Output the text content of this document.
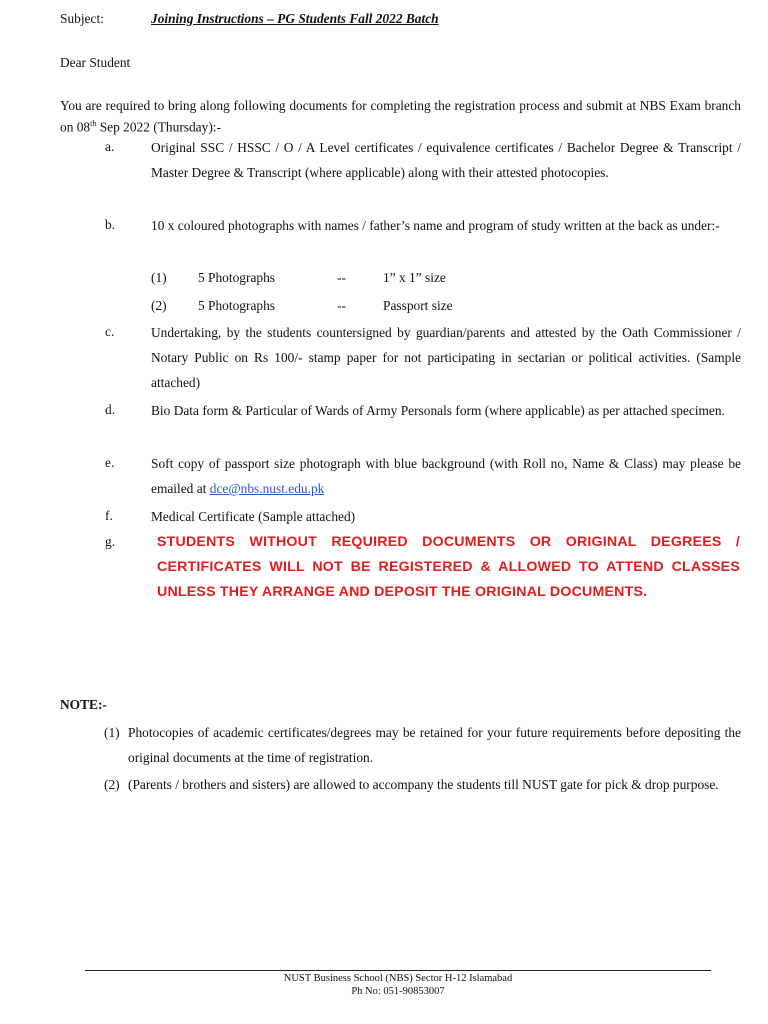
Subject:	Joining Instructions – PG Students Fall 2022 Batch
Dear Student
You are required to bring along following documents for completing the registration process and submit at NBS Exam branch on 08th Sep 2022 (Thursday):-
a.	Original SSC / HSSC / O / A Level certificates / equivalence certificates / Bachelor Degree & Transcript / Master Degree & Transcript (where applicable) along with their attested photocopies.
b.	10 x coloured photographs with names / father’s name and program of study written at the back as under:-
(1) 5 Photographs	--	1” x 1” size
(2) 5 Photographs	--	Passport size
c.	Undertaking, by the students countersigned by guardian/parents and attested by the Oath Commissioner / Notary Public on Rs 100/- stamp paper for not participating in sectarian or political activities. (Sample attached)
d.	Bio Data form & Particular of Wards of Army Personals form (where applicable) as per attached specimen.
e.	Soft copy of passport size photograph with blue background (with Roll no, Name & Class) may please be emailed at dce@nbs.nust.edu.pk
f.	Medical Certificate (Sample attached)
g.	STUDENTS WITHOUT REQUIRED DOCUMENTS OR ORIGINAL DEGREES / CERTIFICATES WILL NOT BE REGISTERED & ALLOWED TO ATTEND CLASSES UNLESS THEY ARRANGE AND DEPOSIT THE ORIGINAL DOCUMENTS.
NOTE:-
(1) Photocopies of academic certificates/degrees may be retained for your future requirements before depositing the original documents at the time of registration.
(2) (Parents / brothers and sisters) are allowed to accompany the students till NUST gate for pick & drop purpose.
NUST Business School (NBS) Sector H-12 Islamabad
Ph No: 051-90853007
